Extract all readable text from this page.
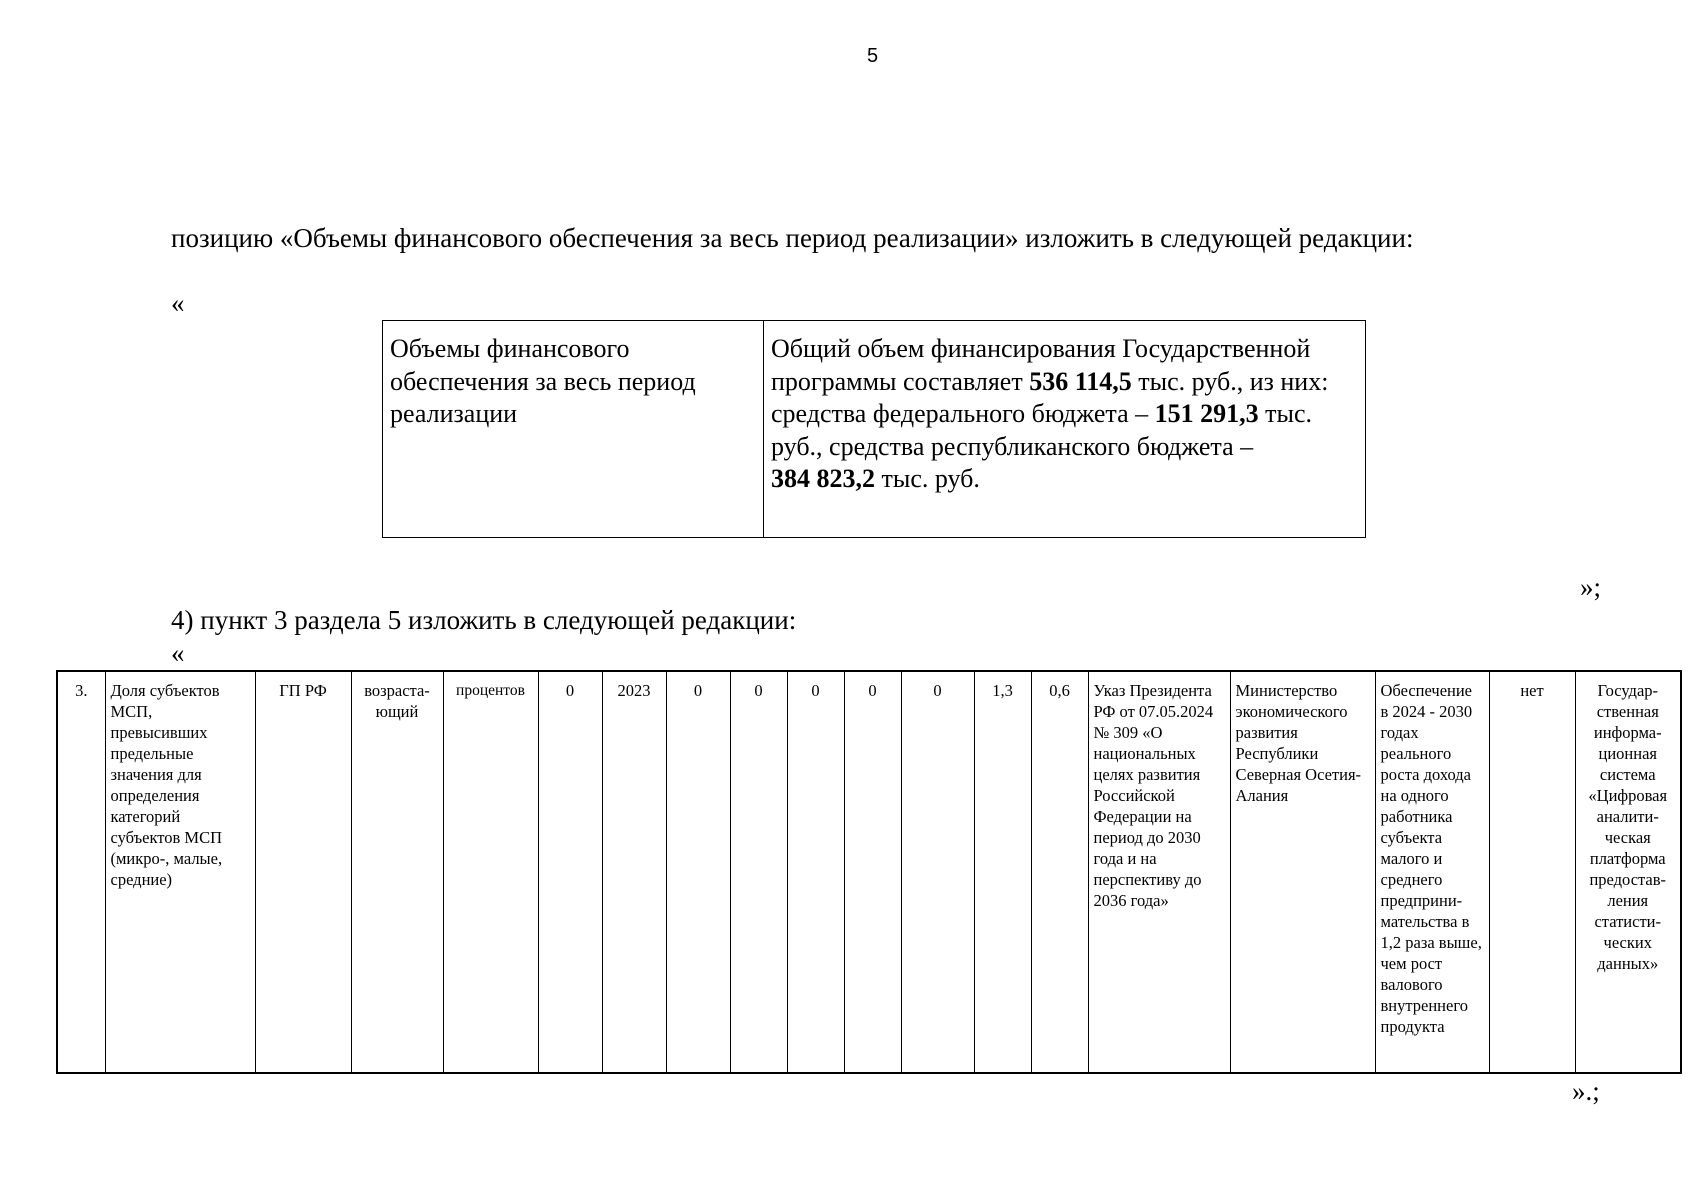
5
позицию «Объемы финансового обеспечения за весь период реализации» изложить в следующей редакции:
«
Объемы финансового обеспечения за весь период реализации	Общий объем финансирования Государственной программы составляет 536 114,5 тыс. руб., из них: средства федерального бюджета – 151 291,3 тыс. руб., средства республиканского бюджета –
384 823,2 тыс. руб.
»;
4) пункт 3 раздела 5 изложить в следующей редакции:
«
3.	Доля субъектов МСП, превысивших предельные значения для определения категорий субъектов МСП (микро-, малые, средние)	ГП РФ	возраста-
ющий	процентов	0	2023	0	0	0	0	0	1,3	0,6	Указ Президента РФ от 07.05.2024 № 309 «О национальных целях развития Российской Федерации на период до 2030 года и на перспективу до 2036 года»	Министерство экономического развития Республики Северная Осетия-Алания	Обеспечение в 2024 - 2030 годах реального роста дохода на одного работника субъекта малого и среднего предприни-
мательства в 1,2 раза выше, чем рост валового внутреннего продукта	нет	Государ-
ственная информа-
ционная система «Цифровая аналити-
ческая платформа предостав-
ления статисти-
ческих данных»
».;
